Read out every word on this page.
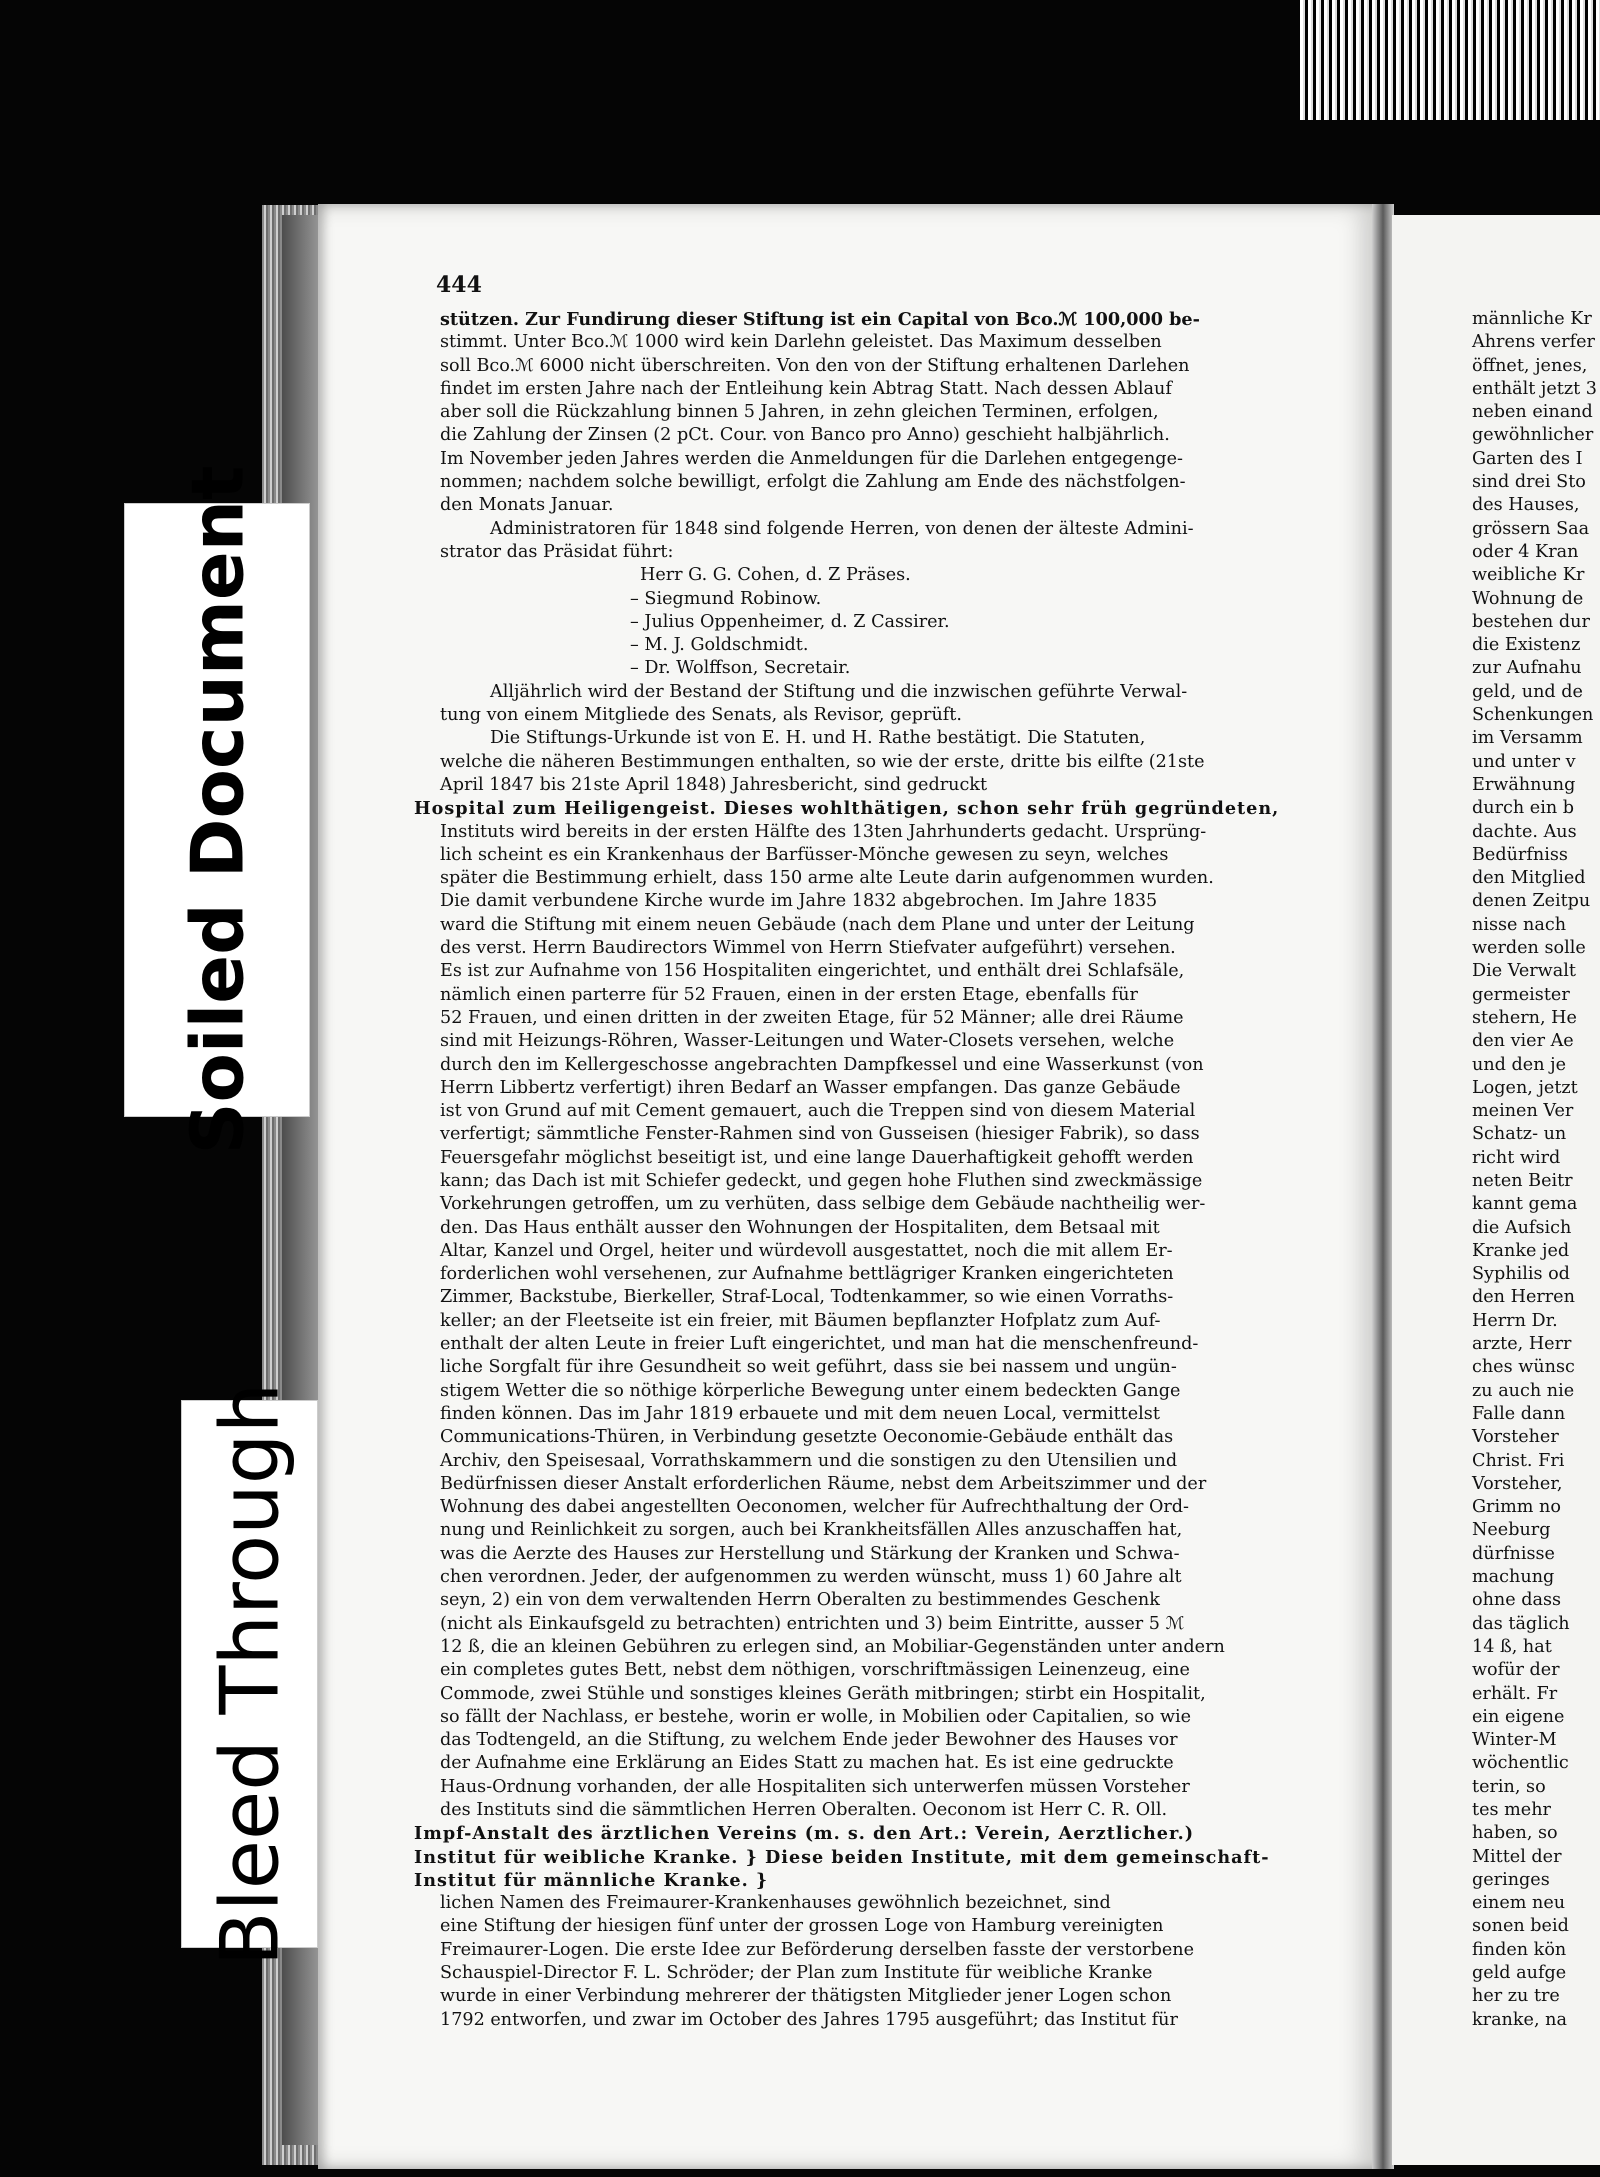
Soiled Document
Bleed Through
444
stützen. Zur Fundirung dieser Stiftung ist ein Capital von Bco.ℳ 100,000 be-
stimmt. Unter Bco.ℳ 1000 wird kein Darlehn geleistet. Das Maximum desselben
soll Bco.ℳ 6000 nicht überschreiten. Von den von der Stiftung erhaltenen Darlehen
findet im ersten Jahre nach der Entleihung kein Abtrag Statt. Nach dessen Ablauf
aber soll die Rückzahlung binnen 5 Jahren, in zehn gleichen Terminen, erfolgen,
die Zahlung der Zinsen (2 pCt. Cour. von Banco pro Anno) geschieht halbjährlich.
Im November jeden Jahres werden die Anmeldungen für die Darlehen entgegenge-
nommen; nachdem solche bewilligt, erfolgt die Zahlung am Ende des nächstfolgen-
den Monats Januar.
Administratoren für 1848 sind folgende Herren, von denen der älteste Admini-
strator das Präsidat führt:
Herr G. G. Cohen, d. Z Präses.
– Siegmund Robinow.
– Julius Oppenheimer, d. Z Cassirer.
– M. J. Goldschmidt.
– Dr. Wolffson, Secretair.
Alljährlich wird der Bestand der Stiftung und die inzwischen geführte Verwal-
tung von einem Mitgliede des Senats, als Revisor, geprüft.
Die Stiftungs-Urkunde ist von E. H. und H. Rathe bestätigt. Die Statuten,
welche die näheren Bestimmungen enthalten, so wie der erste, dritte bis eilfte (21ste
April 1847 bis 21ste April 1848) Jahresbericht, sind gedruckt
Hospital zum Heiligengeist. Dieses wohlthätigen, schon sehr früh gegründeten,
Instituts wird bereits in der ersten Hälfte des 13ten Jahrhunderts gedacht. Ursprüng-
lich scheint es ein Krankenhaus der Barfüsser-Mönche gewesen zu seyn, welches
später die Bestimmung erhielt, dass 150 arme alte Leute darin aufgenommen wurden.
Die damit verbundene Kirche wurde im Jahre 1832 abgebrochen. Im Jahre 1835
ward die Stiftung mit einem neuen Gebäude (nach dem Plane und unter der Leitung
des verst. Herrn Baudirectors Wimmel von Herrn Stiefvater aufgeführt) versehen.
Es ist zur Aufnahme von 156 Hospitaliten eingerichtet, und enthält drei Schlafsäle,
nämlich einen parterre für 52 Frauen, einen in der ersten Etage, ebenfalls für
52 Frauen, und einen dritten in der zweiten Etage, für 52 Männer; alle drei Räume
sind mit Heizungs-Röhren, Wasser-Leitungen und Water-Closets versehen, welche
durch den im Kellergeschosse angebrachten Dampfkessel und eine Wasserkunst (von
Herrn Libbertz verfertigt) ihren Bedarf an Wasser empfangen. Das ganze Gebäude
ist von Grund auf mit Cement gemauert, auch die Treppen sind von diesem Material
verfertigt; sämmtliche Fenster-Rahmen sind von Gusseisen (hiesiger Fabrik), so dass
Feuersgefahr möglichst beseitigt ist, und eine lange Dauerhaftigkeit gehofft werden
kann; das Dach ist mit Schiefer gedeckt, und gegen hohe Fluthen sind zweckmässige
Vorkehrungen getroffen, um zu verhüten, dass selbige dem Gebäude nachtheilig wer-
den. Das Haus enthält ausser den Wohnungen der Hospitaliten, dem Betsaal mit
Altar, Kanzel und Orgel, heiter und würdevoll ausgestattet, noch die mit allem Er-
forderlichen wohl versehenen, zur Aufnahme bettlägriger Kranken eingerichteten
Zimmer, Backstube, Bierkeller, Straf-Local, Todtenkammer, so wie einen Vorraths-
keller; an der Fleetseite ist ein freier, mit Bäumen bepflanzter Hofplatz zum Auf-
enthalt der alten Leute in freier Luft eingerichtet, und man hat die menschenfreund-
liche Sorgfalt für ihre Gesundheit so weit geführt, dass sie bei nassem und ungün-
stigem Wetter die so nöthige körperliche Bewegung unter einem bedeckten Gange
finden können. Das im Jahr 1819 erbauete und mit dem neuen Local, vermittelst
Communications-Thüren, in Verbindung gesetzte Oeconomie-Gebäude enthält das
Archiv, den Speisesaal, Vorrathskammern und die sonstigen zu den Utensilien und
Bedürfnissen dieser Anstalt erforderlichen Räume, nebst dem Arbeitszimmer und der
Wohnung des dabei angestellten Oeconomen, welcher für Aufrechthaltung der Ord-
nung und Reinlichkeit zu sorgen, auch bei Krankheitsfällen Alles anzuschaffen hat,
was die Aerzte des Hauses zur Herstellung und Stärkung der Kranken und Schwa-
chen verordnen. Jeder, der aufgenommen zu werden wünscht, muss 1) 60 Jahre alt
seyn, 2) ein von dem verwaltenden Herrn Oberalten zu bestimmendes Geschenk
(nicht als Einkaufsgeld zu betrachten) entrichten und 3) beim Eintritte, ausser 5 ℳ
12 ß, die an kleinen Gebühren zu erlegen sind, an Mobiliar-Gegenständen unter andern
ein completes gutes Bett, nebst dem nöthigen, vorschriftmässigen Leinenzeug, eine
Commode, zwei Stühle und sonstiges kleines Geräth mitbringen; stirbt ein Hospitalit,
so fällt der Nachlass, er bestehe, worin er wolle, in Mobilien oder Capitalien, so wie
das Todtengeld, an die Stiftung, zu welchem Ende jeder Bewohner des Hauses vor
der Aufnahme eine Erklärung an Eides Statt zu machen hat. Es ist eine gedruckte
Haus-Ordnung vorhanden, der alle Hospitaliten sich unterwerfen müssen Vorsteher
des Instituts sind die sämmtlichen Herren Oberalten. Oeconom ist Herr C. R. Oll.
Impf-Anstalt des ärztlichen Vereins (m. s. den Art.: Verein, Aerztlicher.)
Institut für weibliche Kranke. } Diese beiden Institute, mit dem gemeinschaft-
Institut für männliche Kranke. }
lichen Namen des Freimaurer-Krankenhauses gewöhnlich bezeichnet, sind
eine Stiftung der hiesigen fünf unter der grossen Loge von Hamburg vereinigten
Freimaurer-Logen. Die erste Idee zur Beförderung derselben fasste der verstorbene
Schauspiel-Director F. L. Schröder; der Plan zum Institute für weibliche Kranke
wurde in einer Verbindung mehrerer der thätigsten Mitglieder jener Logen schon
1792 entworfen, und zwar im October des Jahres 1795 ausgeführt; das Institut für
männliche Kr
Ahrens verfer
öffnet, jenes,
enthält jetzt 3
neben einand
gewöhnlicher
Garten des I
sind drei Sto
des Hauses,
grössern Saa
oder 4 Kran
weibliche Kr
Wohnung de
bestehen dur
die Existenz
zur Aufnahu
geld, und de
Schenkungen
im Versamm
und unter v
Erwähnung
durch ein b
dachte. Aus
Bedürfniss
den Mitglied
denen Zeitpu
nisse nach
werden solle
Die Verwalt
germeister
stehern, He
den vier Ae
und den je
Logen, jetzt
meinen Ver
Schatz- un
richt wird
neten Beitr
kannt gema
die Aufsich
Kranke jed
Syphilis od
den Herren
Herrn Dr.
arzte, Herr
ches wünsc
zu auch nie
Falle dann
Vorsteher
Christ. Fri
Vorsteher,
Grimm no
Neeburg
dürfnisse
machung
ohne dass
das täglich
14 ß, hat
wofür der
erhält. Fr
ein eigene
Winter-M
wöchentlic
terin, so
tes mehr
haben, so
Mittel der
geringes
einem neu
sonen beid
finden kön
geld aufge
her zu tre
kranke, na
